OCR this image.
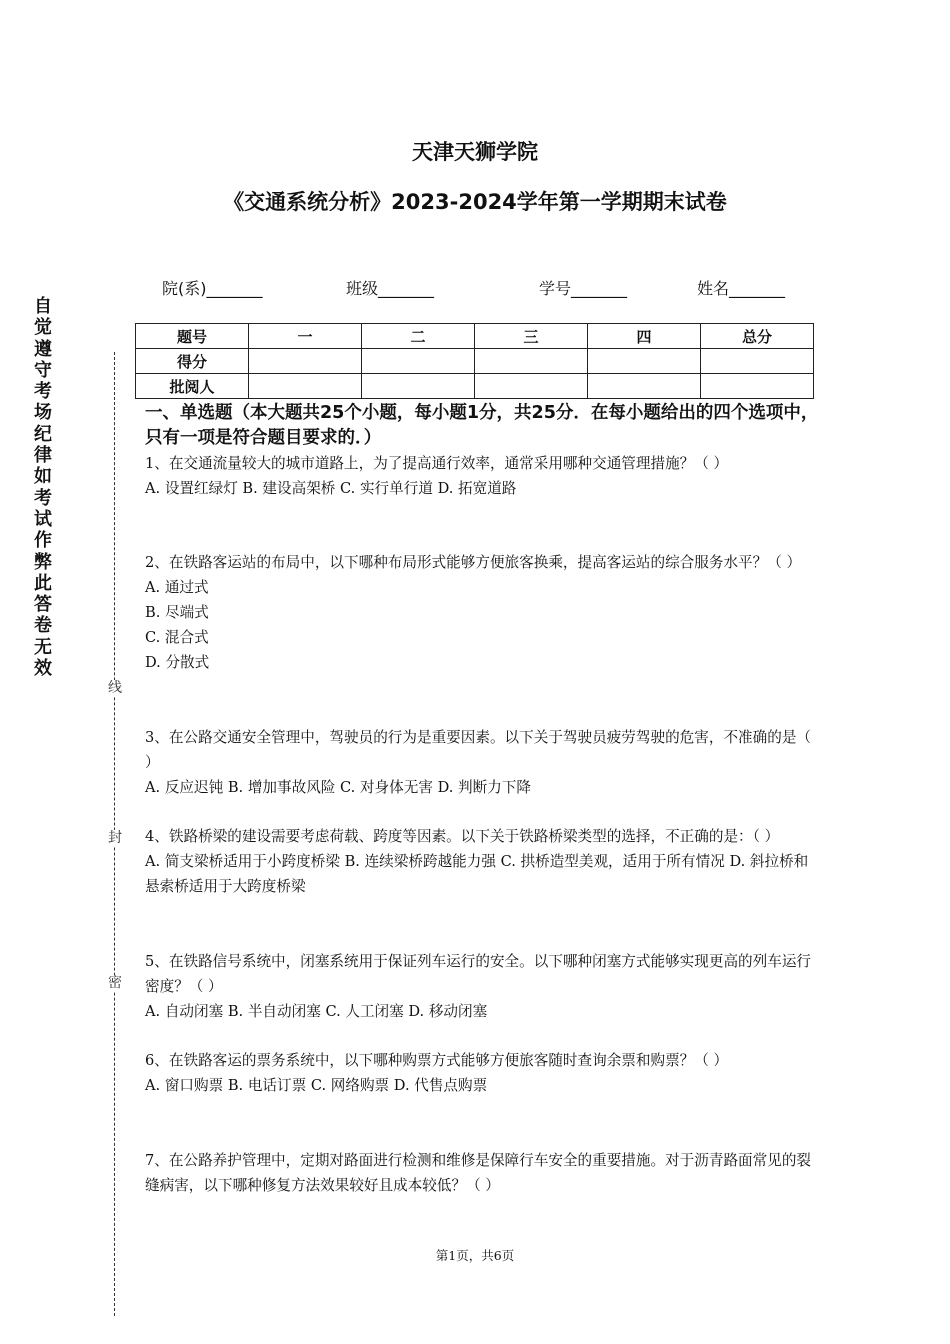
天津天狮学院
《交通系统分析》2023-2024学年第一学期期末试卷
自觉遵守考场纪律如考试作弊此答卷无效
线
封
密
院(系)_______	班级_______	学号_______	姓名_______
题号	一	二	三	四	总分
得分					
批阅人					
一、单选题（本大题共25个小题，每小题1分，共25分．在每小题给出的四个选项中，只有一项是符合题目要求的．）

1、在交通流量较大的城市道路上，为了提高通行效率，通常采用哪种交通管理措施？（ ）

A. 设置红绿灯 B. 建设高架桥 C. 实行单行道 D. 拓宽道路

2、在铁路客运站的布局中，以下哪种布局形式能够方便旅客换乘，提高客运站的综合服务水平？（ ）

A. 通过式

B. 尽端式

C. 混合式

D. 分散式

3、在公路交通安全管理中，驾驶员的行为是重要因素。以下关于驾驶员疲劳驾驶的危害，不准确的是（ ）

A. 反应迟钝 B. 增加事故风险 C. 对身体无害 D. 判断力下降

4、铁路桥梁的建设需要考虑荷载、跨度等因素。以下关于铁路桥梁类型的选择，不正确的是：（ ）

A. 简支梁桥适用于小跨度桥梁 B. 连续梁桥跨越能力强 C. 拱桥造型美观，适用于所有情况 D. 斜拉桥和悬索桥适用于大跨度桥梁

5、在铁路信号系统中，闭塞系统用于保证列车运行的安全。以下哪种闭塞方式能够实现更高的列车运行密度？（ ）

A. 自动闭塞 B. 半自动闭塞 C. 人工闭塞 D. 移动闭塞

6、在铁路客运的票务系统中，以下哪种购票方式能够方便旅客随时查询余票和购票？（ ）

A. 窗口购票 B. 电话订票 C. 网络购票 D. 代售点购票

7、在公路养护管理中，定期对路面进行检测和维修是保障行车安全的重要措施。对于沥青路面常见的裂缝病害，以下哪种修复方法效果较好且成本较低？（ ）

第1页，共6页
